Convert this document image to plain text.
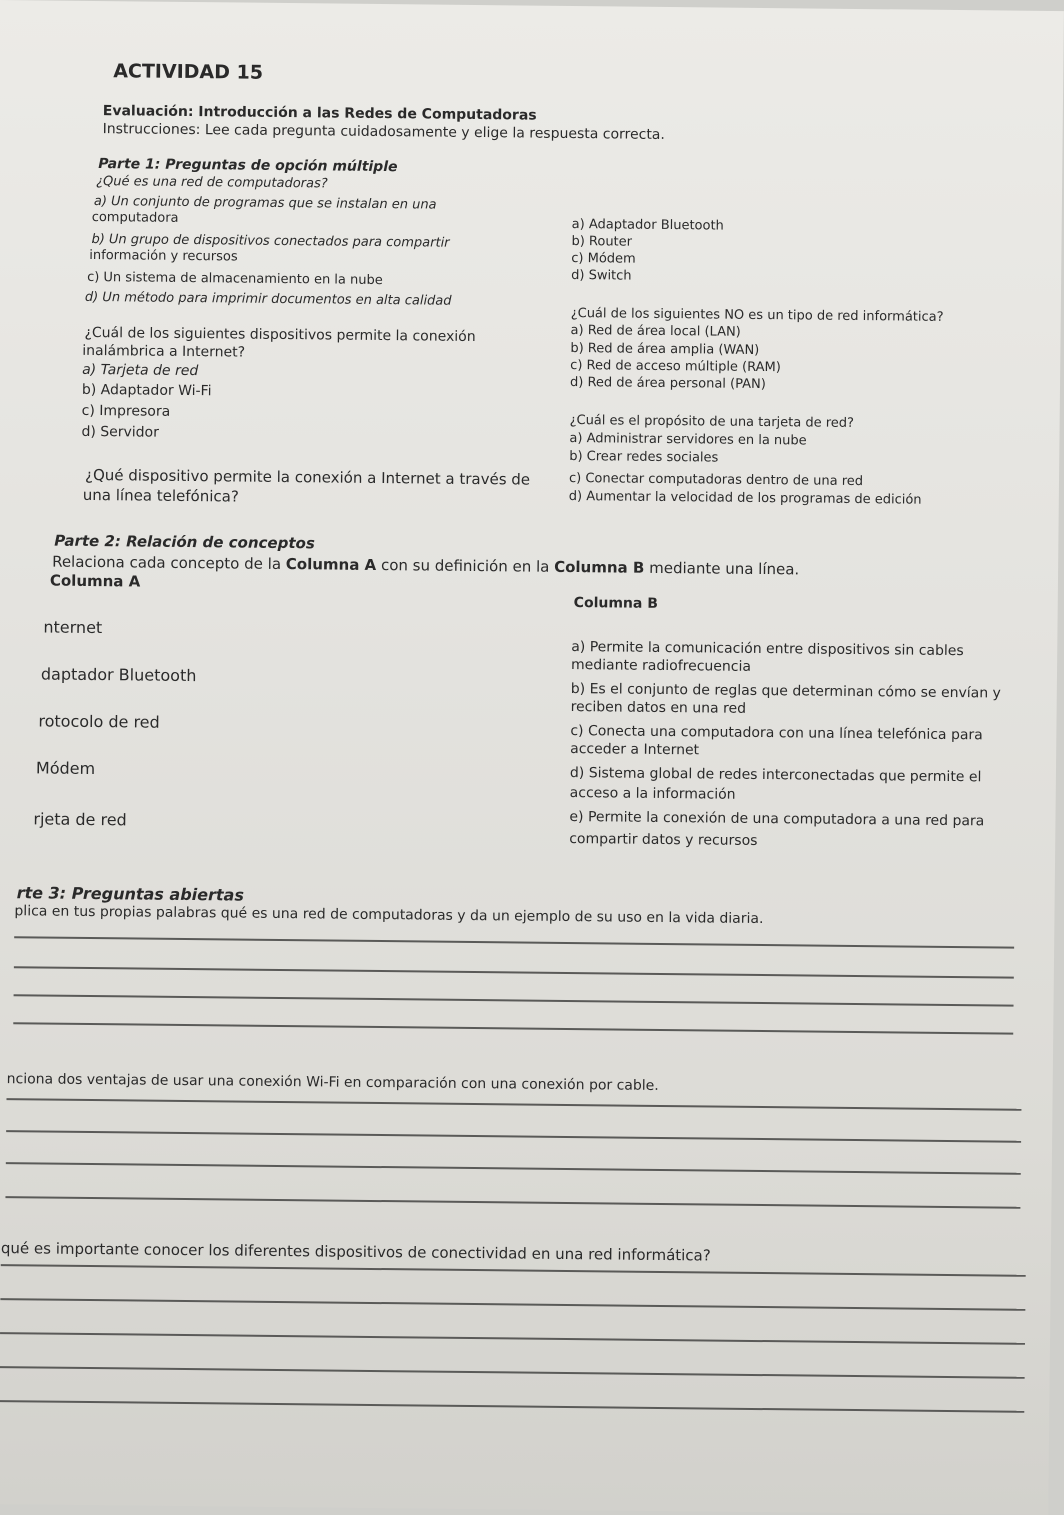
ACTIVIDAD 15
Evaluación: Introducción a las Redes de Computadoras
Instrucciones: Lee cada pregunta cuidadosamente y elige la respuesta correcta.
Parte 1: Preguntas de opción múltiple
¿Qué es una red de computadoras?
a) Un conjunto de programas que se instalan en una
computadora
b) Un grupo de dispositivos conectados para compartir
información y recursos
c) Un sistema de almacenamiento en la nube
d) Un método para imprimir documentos en alta calidad
¿Cuál de los siguientes dispositivos permite la conexión
inalámbrica a Internet?
a) Tarjeta de red
b) Adaptador Wi-Fi
c) Impresora
d) Servidor
¿Qué dispositivo permite la conexión a Internet a través de
una línea telefónica?
a) Adaptador Bluetooth
b) Router
c) Módem
d) Switch
¿Cuál de los siguientes NO es un tipo de red informática?
a) Red de área local (LAN)
b) Red de área amplia (WAN)
c) Red de acceso múltiple (RAM)
d) Red de área personal (PAN)
¿Cuál es el propósito de una tarjeta de red?
a) Administrar servidores en la nube
b) Crear redes sociales
c) Conectar computadoras dentro de una red
d) Aumentar la velocidad de los programas de edición
Parte 2: Relación de conceptos
Relaciona cada concepto de la Columna A con su definición en la Columna B mediante una línea.
Columna A
Columna B
nternet
daptador Bluetooth
rotocolo de red
Módem
rjeta de red
a) Permite la comunicación entre dispositivos sin cables
mediante radiofrecuencia
b) Es el conjunto de reglas que determinan cómo se envían y
reciben datos en una red
c) Conecta una computadora con una línea telefónica para
acceder a Internet
d) Sistema global de redes interconectadas que permite el
acceso a la información
e) Permite la conexión de una computadora a una red para
compartir datos y recursos
rte 3: Preguntas abiertas
plica en tus propias palabras qué es una red de computadoras y da un ejemplo de su uso en la vida diaria.
nciona dos ventajas de usar una conexión Wi-Fi en comparación con una conexión por cable.
qué es importante conocer los diferentes dispositivos de conectividad en una red informática?
